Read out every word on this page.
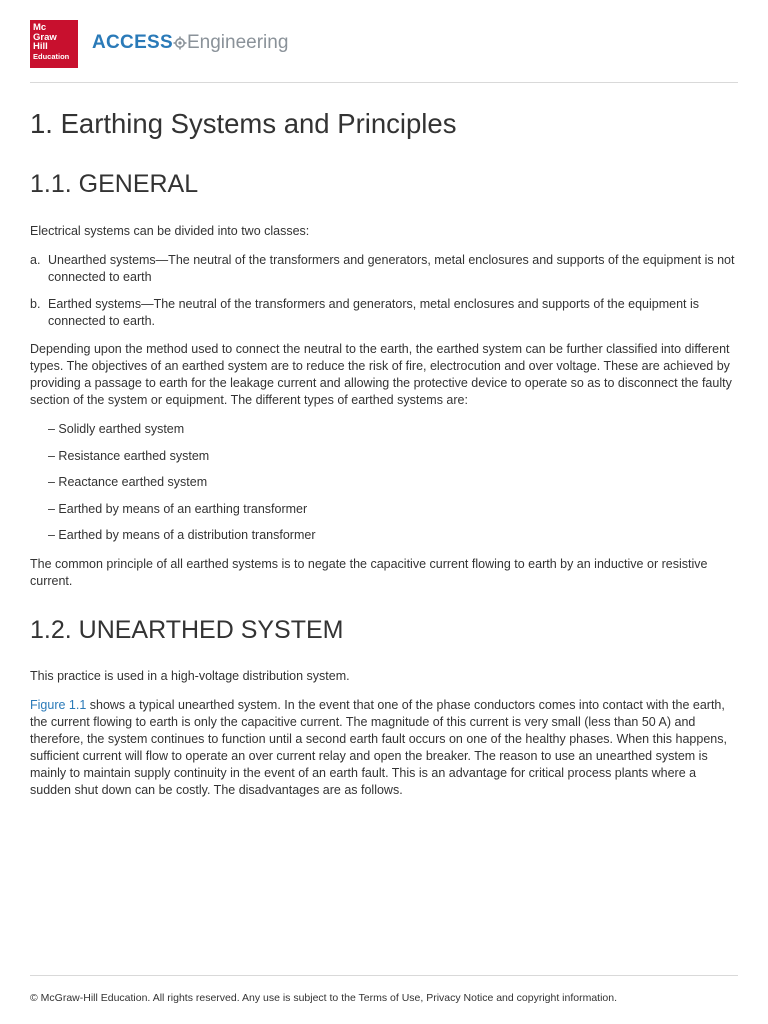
Mc
Graw
Hill
Education
ACCESS Engineering
1. Earthing Systems and Principles
1.1. GENERAL

Electrical systems can be divided into two classes:

a. Unearthed systems—The neutral of the transformers and generators, metal enclosures and supports of the equipment is not connected to earth
b. Earthed systems—The neutral of the transformers and generators, metal enclosures and supports of the equipment is connected to earth.

Depending upon the method used to connect the neutral to the earth, the earthed system can be further classified into different types. The objectives of an earthed system are to reduce the risk of fire, electrocution and over voltage. These are achieved by providing a passage to earth for the leakage current and allowing the protective device to operate so as to disconnect the faulty section of the system or equipment. The different types of earthed systems are:

– Solidly earthed system
– Resistance earthed system
– Reactance earthed system
– Earthed by means of an earthing transformer
– Earthed by means of a distribution transformer

The common principle of all earthed systems is to negate the capacitive current flowing to earth by an inductive or resistive current.

1.2. UNEARTHED SYSTEM

This practice is used in a high-voltage distribution system.

Figure 1.1 shows a typical unearthed system. In the event that one of the phase conductors comes into contact with the earth, the current flowing to earth is only the capacitive current. The magnitude of this current is very small (less than 50 A) and therefore, the system continues to function until a second earth fault occurs on one of the healthy phases. When this happens, sufficient current will flow to operate an over current relay and open the breaker. The reason to use an unearthed system is mainly to maintain supply continuity in the event of an earth fault. This is an advantage for critical process plants where a sudden shut down can be costly. The disadvantages are as follows.

© McGraw-Hill Education. All rights reserved. Any use is subject to the Terms of Use, Privacy Notice and copyright information.
